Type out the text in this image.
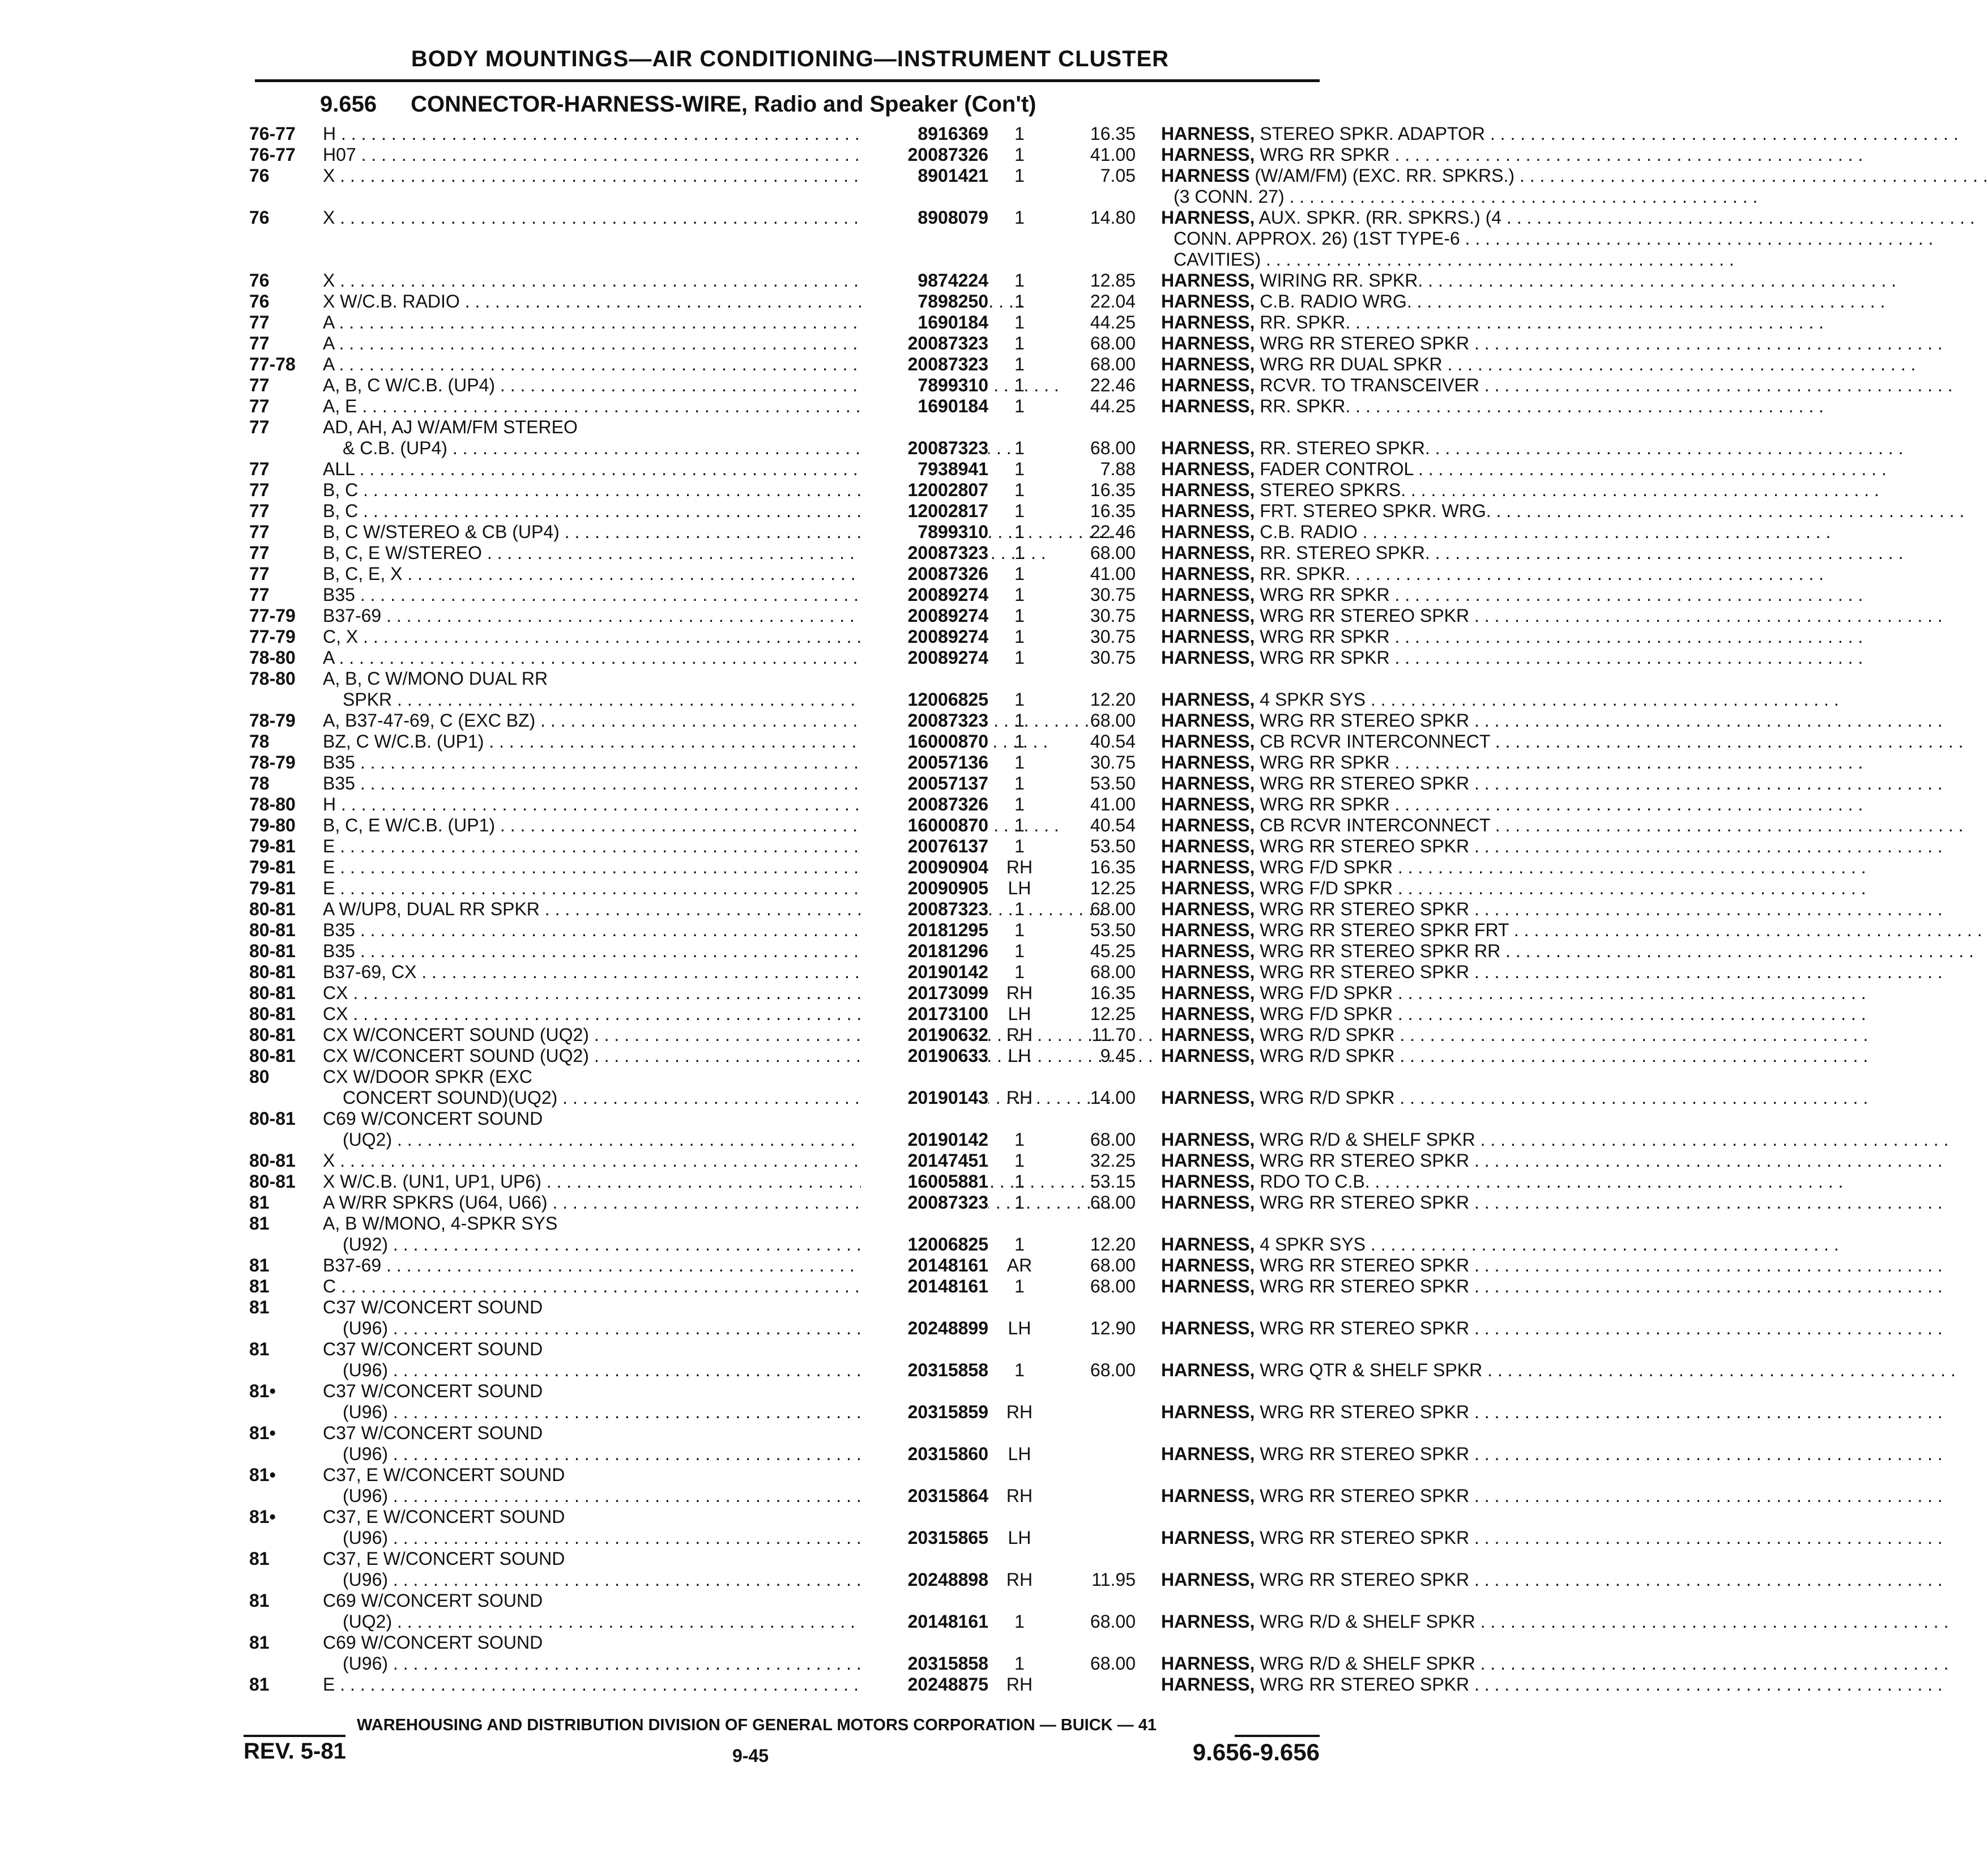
BODY MOUNTINGS—AIR CONDITIONING—INSTRUMENT CLUSTER
9.656 CONNECTOR-HARNESS-WIRE, Radio and Speaker (Con't)
76-77	H . . .	8916369	1	16.35 HARNESS, STEREO SPKR. ADAPTOR . . .
76-77	H07 . . .	20087326	1	41.00 HARNESS, WRG RR SPKR . . .
76	X . . .	8901421	1	7.05 HARNESS (W/AM/FM) (EXC. RR. SPKRS.) . . .
(3 CONN. 27) . . .
76	X . . .	8908079	1	14.80 HARNESS, AUX. SPKR. (RR. SPKRS.) (4 . . .
CONN. APPROX. 26) (1ST TYPE-6 . . .
CAVITIES) . . .
76	X . . .	9874224	1	12.85 HARNESS, WIRING RR. SPKR. . . .
76	X W/C.B. RADIO . . .	7898250	1	22.04 HARNESS, C.B. RADIO WRG. . . .
77	A . . .	1690184	1	44.25 HARNESS, RR. SPKR. . . .
77	A . . .	20087323	1	68.00 HARNESS, WRG RR STEREO SPKR . . .
77-78	A . . .	20087323	1	68.00 HARNESS, WRG RR DUAL SPKR . . .
77	A, B, C W/C.B. (UP4) . . .	7899310	1	22.46 HARNESS, RCVR. TO TRANSCEIVER . . .
77	A, E . . .	1690184	1	44.25 HARNESS, RR. SPKR. . . .
77	AD, AH, AJ W/AM/FM STEREO
& C.B. (UP4) . . .	20087323	1	68.00 HARNESS, RR. STEREO SPKR. . . .
77	ALL . . .	7938941	1	7.88 HARNESS, FADER CONTROL . . .
77	B, C . . .	12002807	1	16.35 HARNESS, STEREO SPKRS. . . .
77	B, C . . .	12002817	1	16.35 HARNESS, FRT. STEREO SPKR. WRG. . . .
77	B, C W/STEREO & CB (UP4) . . .	7899310	1	22.46 HARNESS, C.B. RADIO . . .
77	B, C, E W/STEREO . . .	20087323	1	68.00 HARNESS, RR. STEREO SPKR. . . .
77	B, C, E, X . . .	20087326	1	41.00 HARNESS, RR. SPKR. . . .
77	B35 . . .	20089274	1	30.75 HARNESS, WRG RR SPKR . . .
77-79	B37-69 . . .	20089274	1	30.75 HARNESS, WRG RR STEREO SPKR . . .
77-79	C, X . . .	20089274	1	30.75 HARNESS, WRG RR SPKR . . .
78-80	A . . .	20089274	1	30.75 HARNESS, WRG RR SPKR . . .
78-80	A, B, C W/MONO DUAL RR
SPKR . . .	12006825	1	12.20 HARNESS, 4 SPKR SYS . . .
78-79	A, B37-47-69, C (EXC BZ) . . .	20087323	1	68.00 HARNESS, WRG RR STEREO SPKR . . .
78	BZ, C W/C.B. (UP1) . . .	16000870	1	40.54 HARNESS, CB RCVR INTERCONNECT . . .
78-79	B35 . . .	20057136	1	30.75 HARNESS, WRG RR SPKR . . .
78	B35 . . .	20057137	1	53.50 HARNESS, WRG RR STEREO SPKR . . .
78-80	H . . .	20087326	1	41.00 HARNESS, WRG RR SPKR . . .
79-80	B, C, E W/C.B. (UP1) . . .	16000870	1	40.54 HARNESS, CB RCVR INTERCONNECT . . .
79-81	E . . .	20076137	1	53.50 HARNESS, WRG RR STEREO SPKR . . .
79-81	E . . .	20090904 RH	16.35 HARNESS, WRG F/D SPKR . . .
79-81	E . . .	20090905	LH	12.25 HARNESS, WRG F/D SPKR . . .
80-81	A W/UP8, DUAL RR SPKR . . .	20087323	1	68.00 HARNESS, WRG RR STEREO SPKR . . .
80-81	B35 . . .	20181295	1	53.50 HARNESS, WRG RR STEREO SPKR FRT . . .
80-81	B35 . . .	20181296	1	45.25 HARNESS, WRG RR STEREO SPKR RR . . .
80-81	B37-69, CX . . .	20190142	1	68.00 HARNESS, WRG RR STEREO SPKR . . .
80-81	CX . . .	20173099 RH	16.35 HARNESS, WRG F/D SPKR . . .
80-81	CX . . .	20173100	LH	12.25 HARNESS, WRG F/D SPKR . . .
80-81	CX W/CONCERT SOUND (UQ2) . . .	20190632 RH	11.70 HARNESS, WRG R/D SPKR . . .
80-81	CX W/CONCERT SOUND (UQ2) . . .	20190633	LH	9.45 HARNESS, WRG R/D SPKR . . .
80	CX W/DOOR SPKR (EXC
CONCERT SOUND)(UQ2) . . .	20190143 RH	14.00 HARNESS, WRG R/D SPKR . . .
80-81	C69 W/CONCERT SOUND
(UQ2) . . .	20190142	1	68.00 HARNESS, WRG R/D & SHELF SPKR . . .
80-81	X . . .	20147451	1	32.25 HARNESS, WRG RR STEREO SPKR . . .
80-81	X W/C.B. (UN1, UP1, UP6) . . .	16005881	1	53.15 HARNESS, RDO TO C.B. . . .
81	A W/RR SPKRS (U64, U66) . . .	20087323	1	68.00 HARNESS, WRG RR STEREO SPKR . . .
81	A, B W/MONO, 4-SPKR SYS
(U92) . . .	12006825	1	12.20 HARNESS, 4 SPKR SYS . . .
81	B37-69 . . .	20148161	AR	68.00 HARNESS, WRG RR STEREO SPKR . . .
81	C . . .	20148161	1	68.00 HARNESS, WRG RR STEREO SPKR . . .
81	C37 W/CONCERT SOUND
(U96) . . .	20248899	LH	12.90 HARNESS, WRG RR STEREO SPKR . . .
81	C37 W/CONCERT SOUND
(U96) . . .	20315858	1	68.00 HARNESS, WRG QTR & SHELF SPKR . . .
81•	C37 W/CONCERT SOUND
(U96) . . .	20315859 RH	HARNESS, WRG RR STEREO SPKR . . .
81•	C37 W/CONCERT SOUND
(U96) . . .	20315860	LH	HARNESS, WRG RR STEREO SPKR . . .
81•	C37, E W/CONCERT SOUND
(U96) . . .	20315864 RH	HARNESS, WRG RR STEREO SPKR . . .
81•	C37, E W/CONCERT SOUND
(U96) . . .	20315865	LH	HARNESS, WRG RR STEREO SPKR . . .
81	C37, E W/CONCERT SOUND
(U96) . . .	20248898 RH	11.95 HARNESS, WRG RR STEREO SPKR . . .
81	C69 W/CONCERT SOUND
(UQ2) . . .	20148161	1	68.00 HARNESS, WRG R/D & SHELF SPKR . . .
81	C69 W/CONCERT SOUND
(U96) . . .	20315858	1	68.00 HARNESS, WRG R/D & SHELF SPKR . . .
81	E . . .	20248875 RH	HARNESS, WRG RR STEREO SPKR . . .
WAREHOUSING AND DISTRIBUTION DIVISION OF GENERAL MOTORS CORPORATION — BUICK — 41
REV. 5-81	9-45	9.656-9.656
